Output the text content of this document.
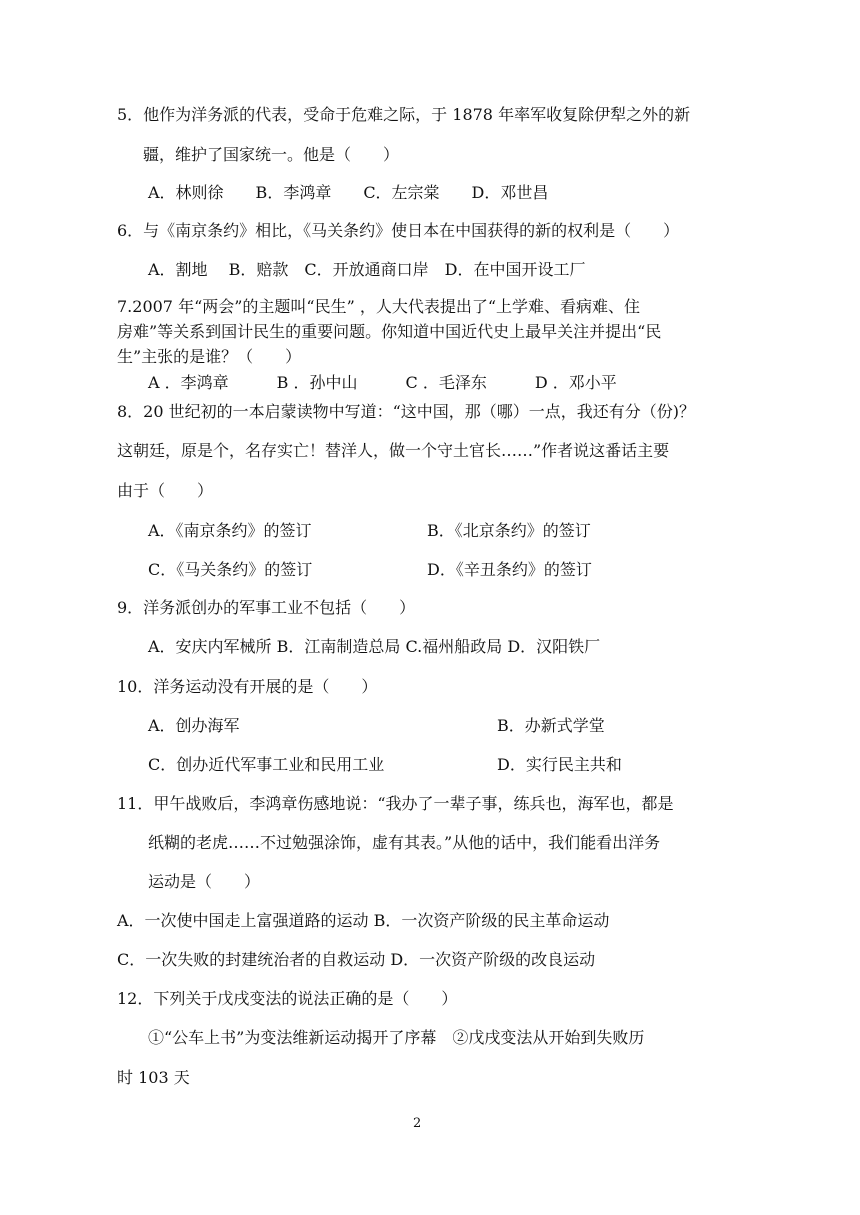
5．他作为洋务派的代表，受命于危难之际，于 1878 年率军收复除伊犁之外的新
疆，维护了国家统一。他是（　　）
A．林则徐　　B．李鸿章　　C．左宗棠　　D．邓世昌
6．与《南京条约》相比，《马关条约》使日本在中国获得的新的权利是（　　）
A．割地　 B．赔款　C．开放通商口岸　D．在中国开设工厂
7.2007 年“两会”的主题叫“民生” ，人大代表提出了“上学难、看病难、住
房难”等关系到国计民生的重要问题。你知道中国近代史上最早关注并提出“民
生”主张的是谁？（　　）
A ．李鸿章　　　B ．孙中山　　　C ．毛泽东　　　D ．邓小平
8．20 世纪初的一本启蒙读物中写道：“这中国，那（哪）一点，我还有分（份)？
这朝廷，原是个，名存实亡！替洋人，做一个守土官长……”作者说这番话主要
由于（　　）
A．《南京条约》的签订	B．《北京条约》的签订
C．《马关条约》的签订	D．《辛丑条约》的签订
9．洋务派创办的军事工业不包括（　　）
A．安庆内军械所 B．江南制造总局 C.福州船政局 D．汉阳铁厂
10．洋务运动没有开展的是（　　）
A．创办海军	B．办新式学堂
C．创办近代军事工业和民用工业	D．实行民主共和
11．甲午战败后，李鸿章伤感地说：“我办了一辈子事，练兵也，海军也，都是
纸糊的老虎……不过勉强涂饰，虚有其表。”从他的话中，我们能看出洋务
运动是（　　）
A．一次使中国走上富强道路的运动 B．一次资产阶级的民主革命运动
C．一次失败的封建统治者的自救运动 D．一次资产阶级的改良运动
12．下列关于戊戌变法的说法正确的是（　　）
①“公车上书”为变法维新运动揭开了序幕　②戊戌变法从开始到失败历
时 103 天
2
